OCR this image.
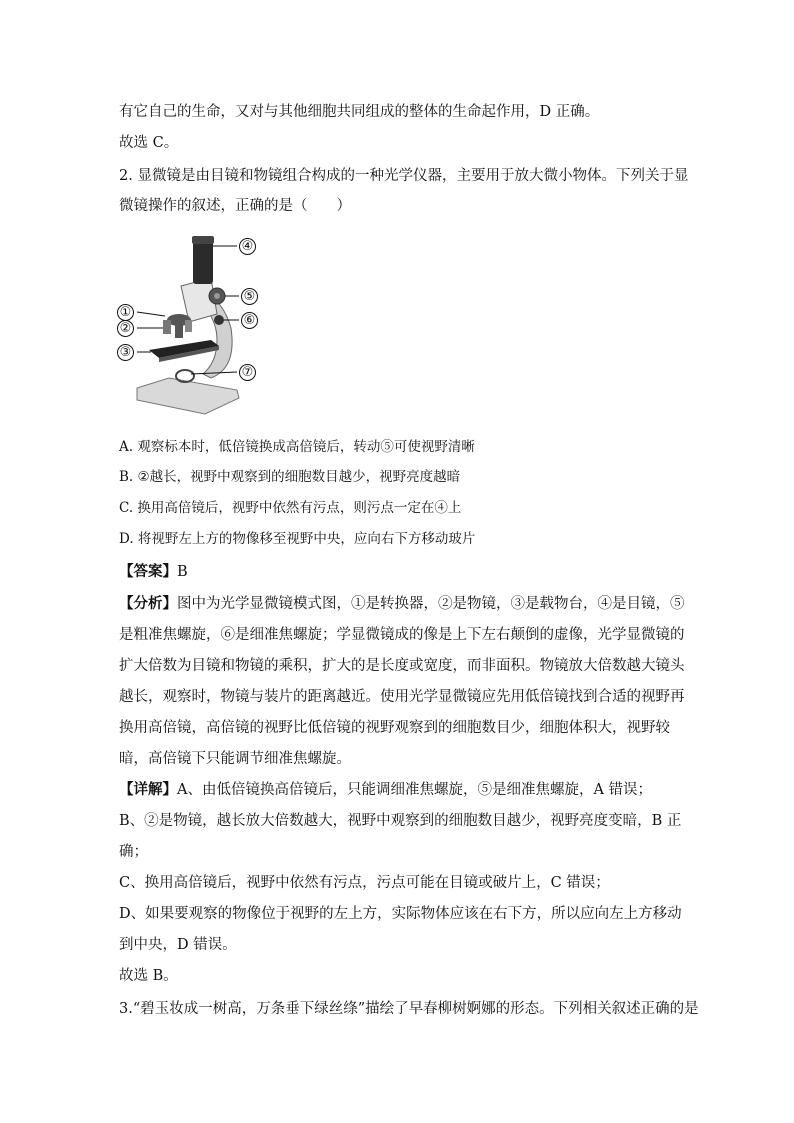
有它自己的生命，又对与其他细胞共同组成的整体的生命起作用，D 正确。
故选 C。
2. 显微镜是由目镜和物镜组合构成的一种光学仪器，主要用于放大微小物体。下列关于显
微镜操作的叙述，正确的是（　　）
①
②
③
④
⑤
⑥
⑦
A. 观察标本时，低倍镜换成高倍镜后，转动⑤可使视野清晰
B. ②越长，视野中观察到的细胞数目越少，视野亮度越暗
C. 换用高倍镜后，视野中依然有污点，则污点一定在④上
D. 将视野左上方的物像移至视野中央，应向右下方移动玻片
【答案】B
【分析】图中为光学显微镜模式图，①是转换器，②是物镜，③是载物台，④是目镜，⑤
是粗准焦螺旋，⑥是细准焦螺旋；学显微镜成的像是上下左右颠倒的虚像，光学显微镜的
扩大倍数为目镜和物镜的乘积，扩大的是长度或宽度，而非面积。物镜放大倍数越大镜头
越长，观察时，物镜与装片的距离越近。使用光学显微镜应先用低倍镜找到合适的视野再
换用高倍镜，高倍镜的视野比低倍镜的视野观察到的细胞数目少，细胞体积大，视野较
暗，高倍镜下只能调节细准焦螺旋。
【详解】A、由低倍镜换高倍镜后，只能调细准焦螺旋，⑤是细准焦螺旋，A 错误；
B、②是物镜，越长放大倍数越大，视野中观察到的细胞数目越少，视野亮度变暗，B 正
确；
C、换用高倍镜后，视野中依然有污点，污点可能在目镜或破片上，C 错误；
D、如果要观察的物像位于视野的左上方，实际物体应该在右下方，所以应向左上方移动
到中央，D 错误。
故选 B。
3.“碧玉妆成一树高，万条垂下绿丝绦”描绘了早春柳树婀娜的形态。下列相关叙述正确的是
